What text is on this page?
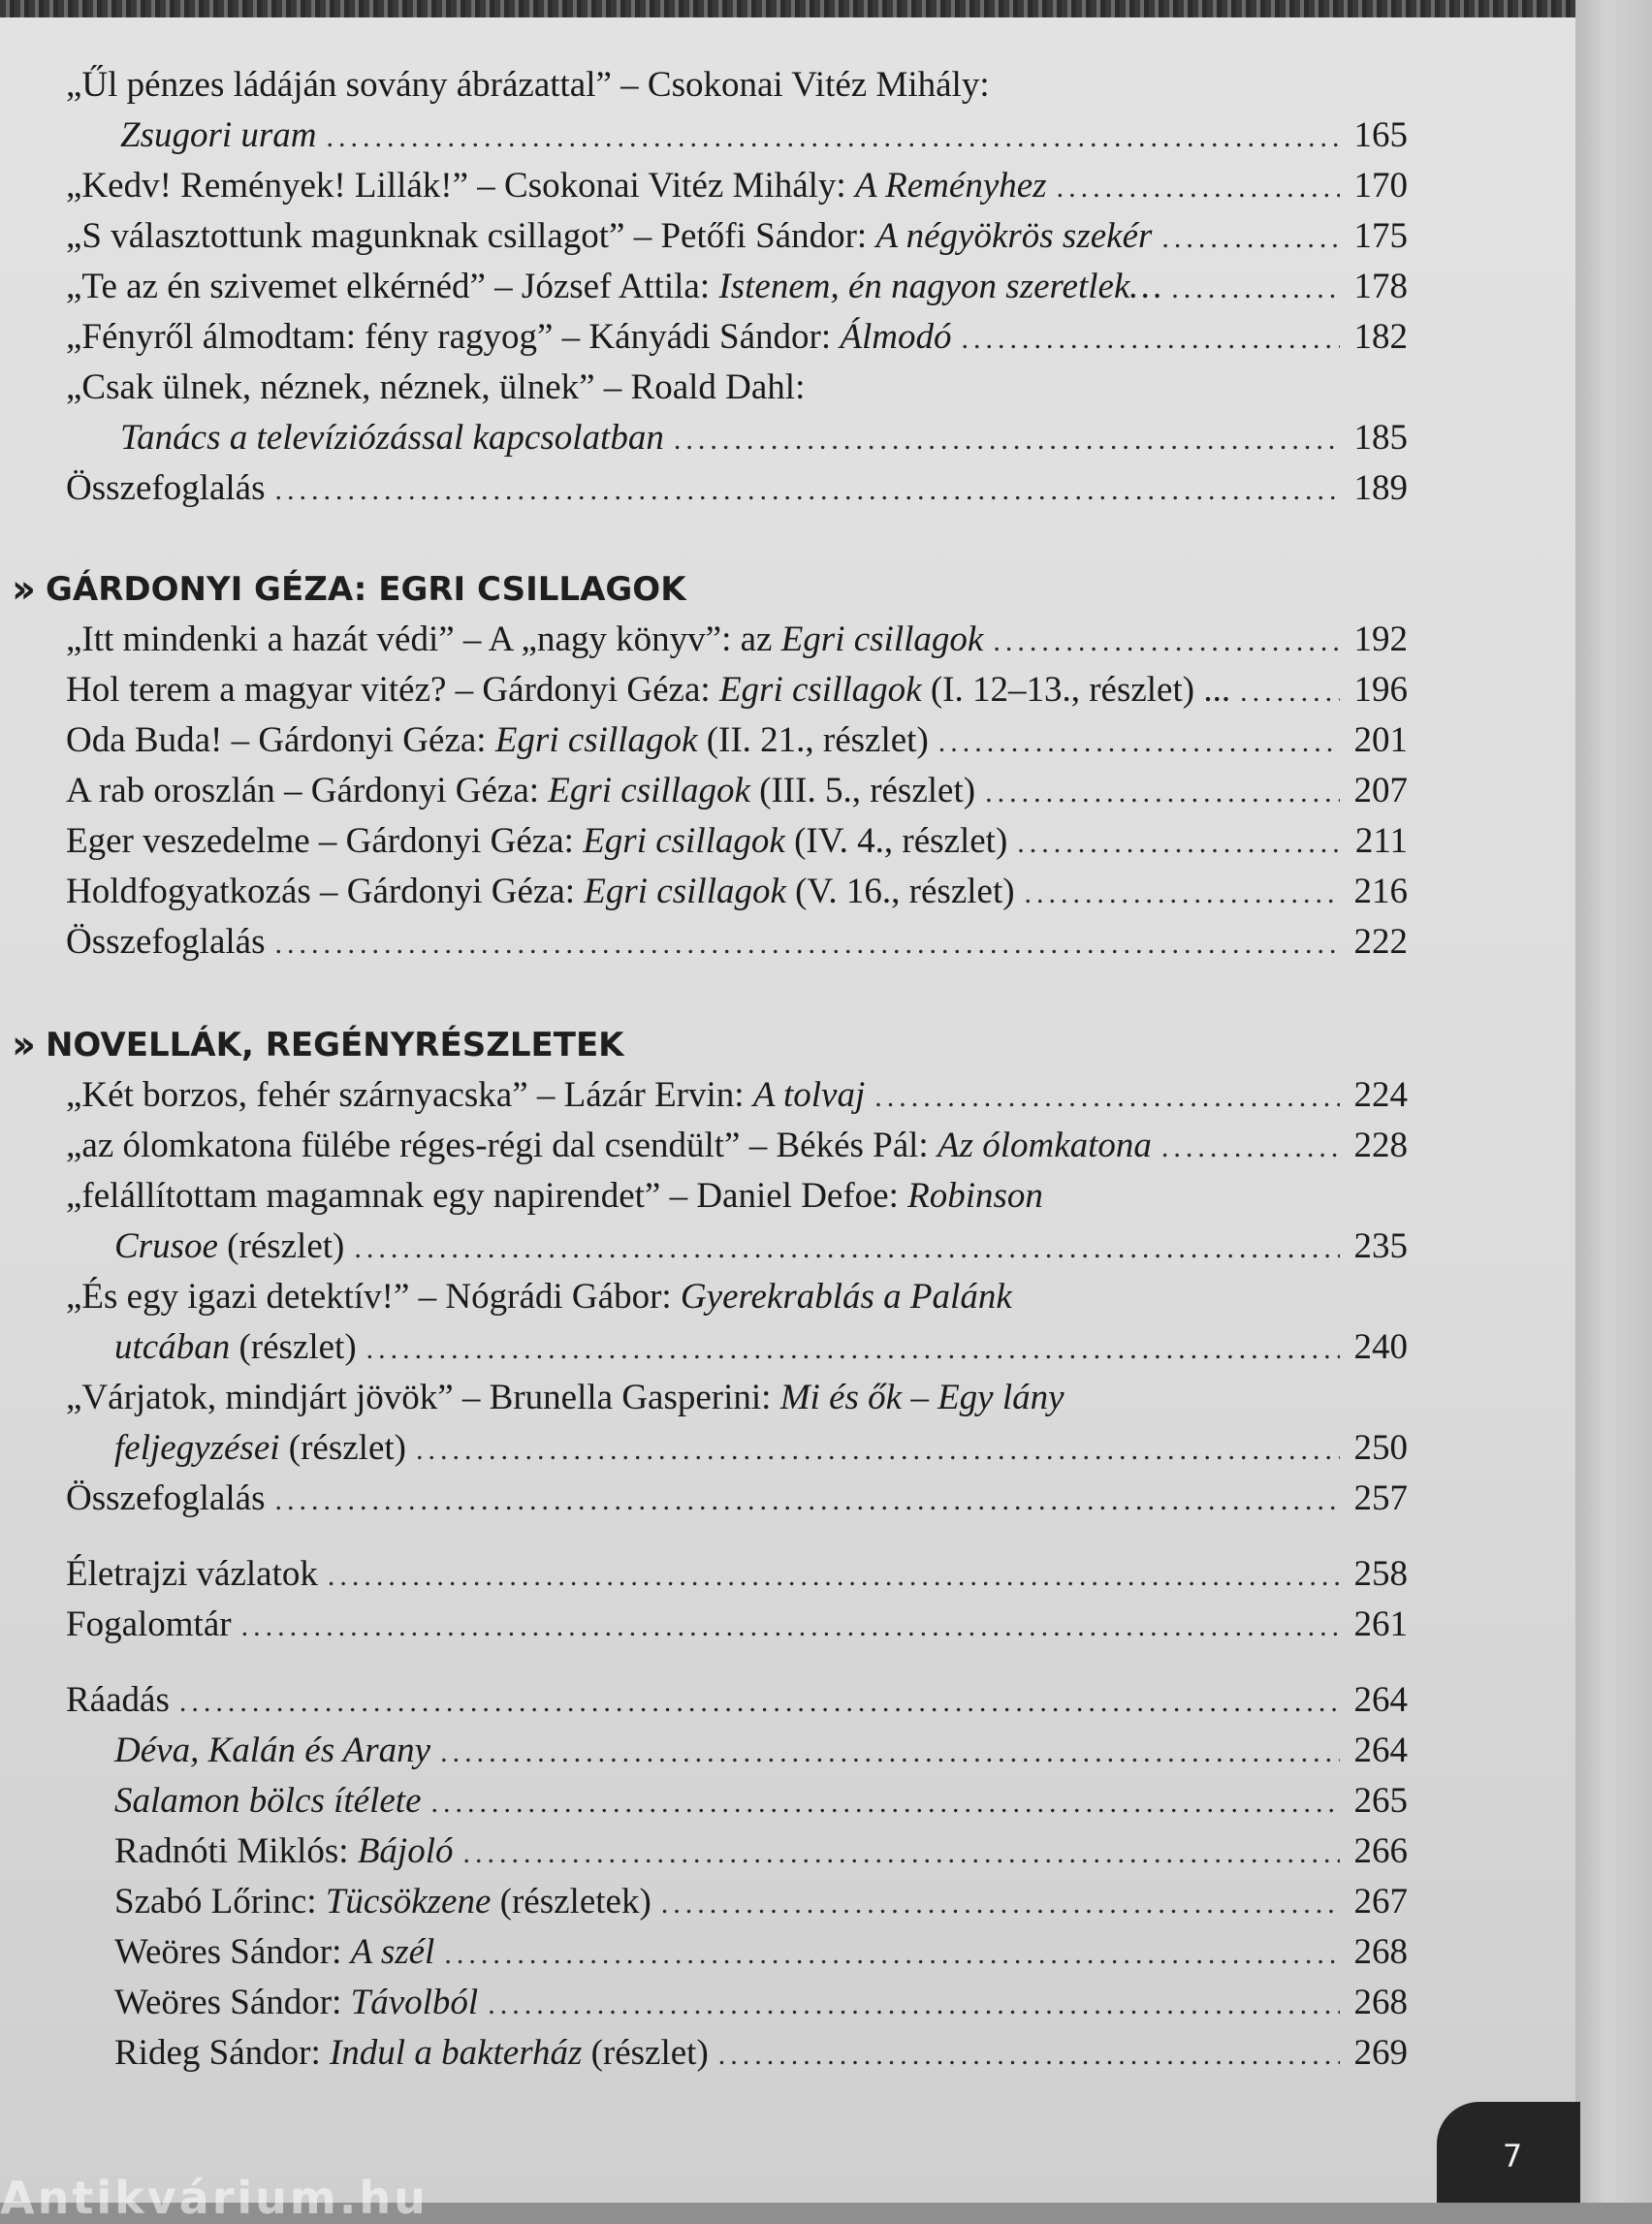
›› GÁRDONYI GÉZA: EGRI CSILLAGOK
›› NOVELLÁK, REGÉNYRÉSZLETEK
„Űl pénzes ládáján sovány ábrázattal” – Csokonai Vitéz Mihály:
Zsugori uram .....	165
„Kedv! Remények! Lillák!” – Csokonai Vitéz Mihály: A Reményhez .....	170
„S választottunk magunknak csillagot” – Petőfi Sándor: A négyökrös szekér .....	175
„Te az én szivemet elkérnéd” – József Attila: Istenem, én nagyon szeretlek… .....	178
„Fényről álmodtam: fény ragyog” – Kányádi Sándor: Álmodó .....	182
„Csak ülnek, néznek, néznek, ülnek” – Roald Dahl:
Tanács a televíziózással kapcsolatban .....	185
Összefoglalás .....	189
„Itt mindenki a hazát védi” – A „nagy könyv”: az Egri csillagok .....	192
Hol terem a magyar vitéz? – Gárdonyi Géza: Egri csillagok (I. 12–13., részlet) ... .....	196
Oda Buda! – Gárdonyi Géza: Egri csillagok (II. 21., részlet) .....	201
A rab oroszlán – Gárdonyi Géza: Egri csillagok (III. 5., részlet) .....	207
Eger veszedelme – Gárdonyi Géza: Egri csillagok (IV. 4., részlet) .....	211
Holdfogyatkozás – Gárdonyi Géza: Egri csillagok (V. 16., részlet) .....	216
Összefoglalás .....	222
„Két borzos, fehér szárnyacska” – Lázár Ervin: A tolvaj .....	224
„az ólomkatona fülébe réges-régi dal csendült” – Békés Pál: Az ólomkatona .....	228
„felállítottam magamnak egy napirendet” – Daniel Defoe: Robinson
Crusoe (részlet) .....	235
„És egy igazi detektív!” – Nógrádi Gábor: Gyerekrablás a Palánk
utcában (részlet) .....	240
„Várjatok, mindjárt jövök” – Brunella Gasperini: Mi és ők – Egy lány
feljegyzései (részlet) .....	250
Összefoglalás .....	257
Életrajzi vázlatok .....	258
Fogalomtár .....	261
Ráadás .....	264
Déva, Kalán és Arany .....	264
Salamon bölcs ítélete .....	265
Radnóti Miklós: Bájoló .....	266
Szabó Lőrinc: Tücsökzene (részletek) .....	267
Weöres Sándor: A szél .....	268
Weöres Sándor: Távolból .....	268
Rideg Sándor: Indul a bakterház (részlet) .....	269
7
Antikvárium.hu
